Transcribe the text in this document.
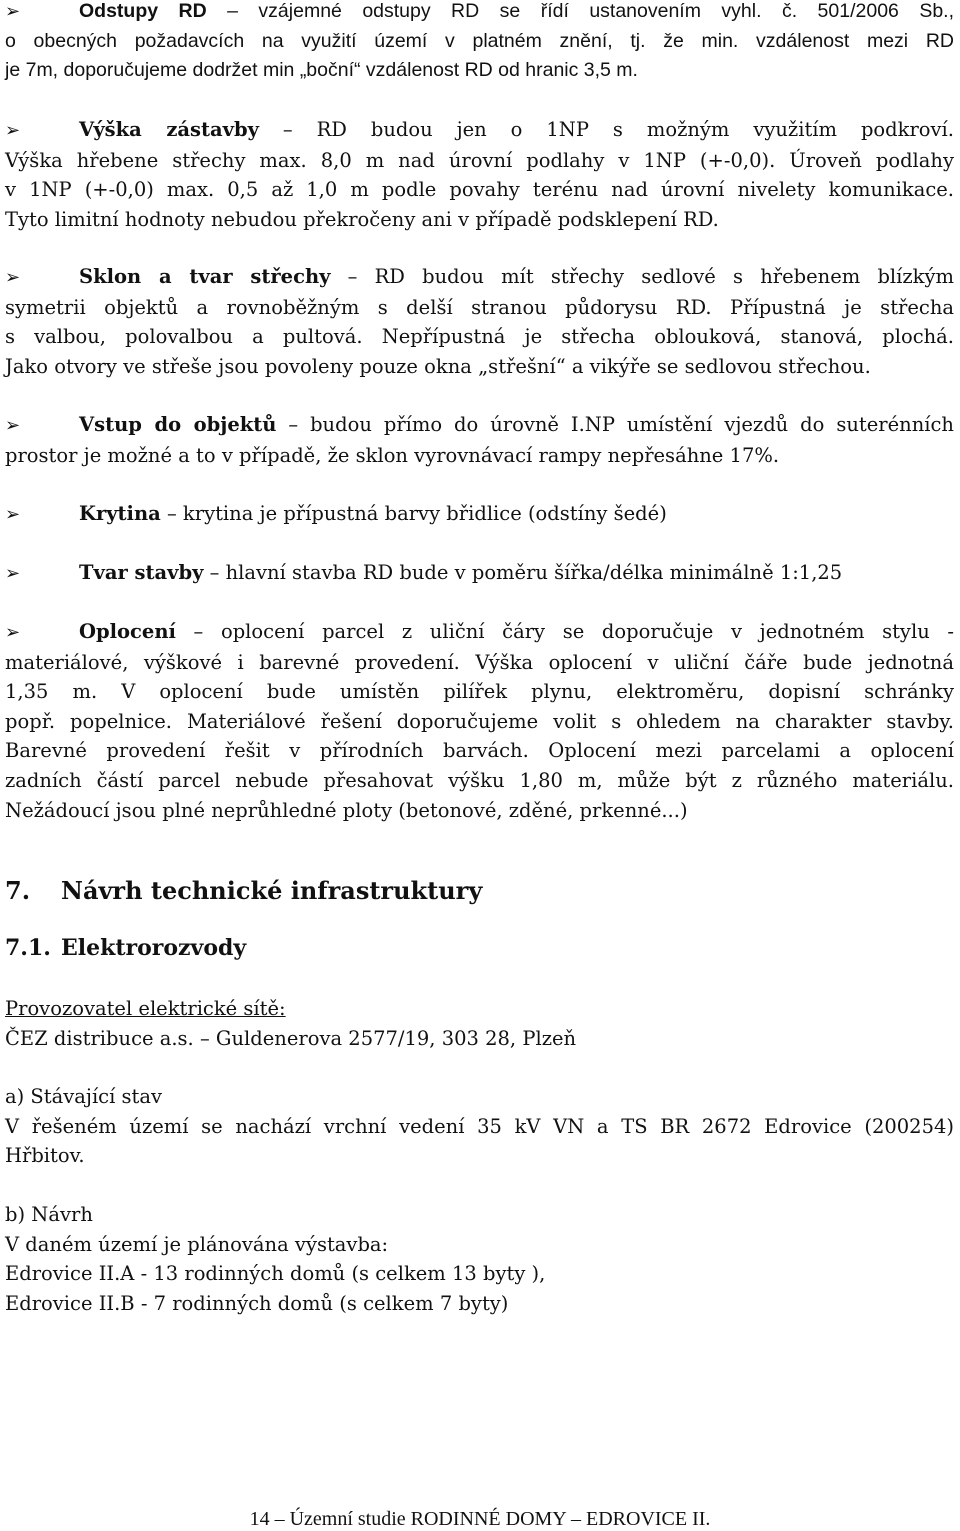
➢	Odstupy RD – vzájemné odstupy RD se řídí ustanovením vyhl. č. 501/2006 Sb.,
o obecných požadavcích na využití území v platném znění, tj. že min. vzdálenost mezi RD
je 7m, doporučujeme dodržet min „boční“ vzdálenost RD od hranic 3,5 m.
➢	Výška zástavby – RD budou jen o 1NP s možným využitím podkroví.
Výška hřebene střechy max. 8,0 m nad úrovní podlahy v 1NP (+-0,0). Úroveň podlahy
v 1NP (+-0,0) max. 0,5 až 1,0 m podle povahy terénu nad úrovní nivelety komunikace.
Tyto limitní hodnoty nebudou překročeny ani v případě podsklepení RD.
➢	Sklon a tvar střechy – RD budou mít střechy sedlové s hřebenem blízkým
symetrii objektů a rovnoběžným s delší stranou půdorysu RD. Přípustná je střecha
s valbou, polovalbou a pultová. Nepřípustná je střecha oblouková, stanová, plochá.
Jako otvory ve střeše jsou povoleny pouze okna „střešní“ a vikýře se sedlovou střechou.
➢	Vstup do objektů – budou přímo do úrovně I.NP umístění vjezdů do suterénních
prostor je možné a to v případě, že sklon vyrovnávací rampy nepřesáhne 17%.
➢	Krytina – krytina je přípustná barvy břidlice (odstíny šedé)
➢	Tvar stavby – hlavní stavba RD bude v poměru šířka/délka minimálně 1:1,25
➢	Oplocení – oplocení parcel z uliční čáry se doporučuje v jednotném stylu -
materiálové, výškové i barevné provedení. Výška oplocení v uliční čáře bude jednotná
1,35 m. V oplocení bude umístěn pilířek plynu, elektroměru, dopisní schránky
popř. popelnice. Materiálové řešení doporučujeme volit s ohledem na charakter stavby.
Barevné provedení řešit v přírodních barvách. Oplocení mezi parcelami a oplocení
zadních částí parcel nebude přesahovat výšku 1,80 m, může být z různého materiálu.
Nežádoucí jsou plné neprůhledné ploty (betonové, zděné, prkenné...)
7. Návrh technické infrastruktury
7.1. Elektrorozvody
Provozovatel elektrické sítě:
ČEZ distribuce a.s. – Guldenerova 2577/19, 303 28, Plzeň
a) Stávající stav
V řešeném území se nachází vrchní vedení 35 kV VN a TS BR 2672 Edrovice (200254)
Hřbitov.
b) Návrh
V daném území je plánována výstavba:
Edrovice II.A - 13 rodinných domů (s celkem 13 byty ),
Edrovice II.B - 7 rodinných domů (s celkem 7 byty)
14 – Územní studie RODINNÉ DOMY – EDROVICE II.
